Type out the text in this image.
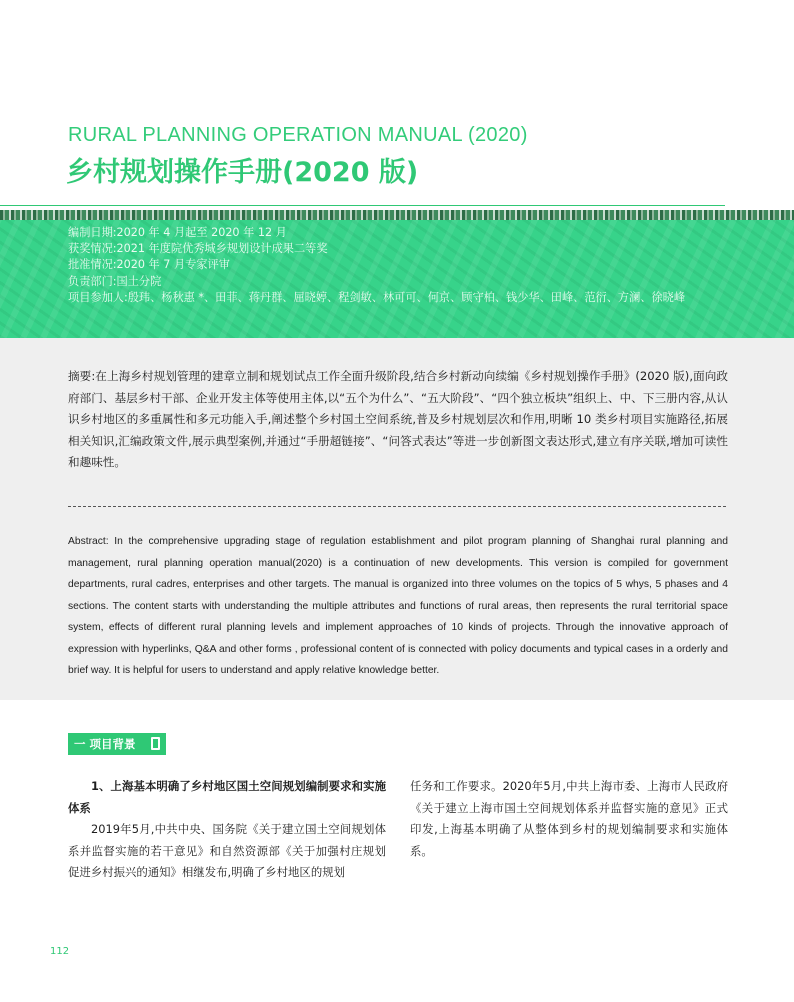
RURAL PLANNING OPERATION MANUAL (2020)
乡村规划操作手册(2020 版)
编制日期:2020 年 4 月起至 2020 年 12 月
获奖情况:2021 年度院优秀城乡规划设计成果二等奖
批准情况:2020 年 7 月专家评审
负责部门:国土分院
项目参加人:殷玮、杨秋惠 *、田菲、蒋丹群、屈晓婷、程剑敏、林可可、何京、顾守柏、钱少华、田峰、范衍、方澜、徐晓峰
摘要:在上海乡村规划管理的建章立制和规划试点工作全面升级阶段,结合乡村新动向续编《乡村规划操作手册》(2020 版),面向政府部门、基层乡村干部、企业开发主体等使用主体,以“五个为什么”、“五大阶段”、“四个独立板块”组织上、中、下三册内容,从认识乡村地区的多重属性和多元功能入手,阐述整个乡村国土空间系统,普及乡村规划层次和作用,明晰 10 类乡村项目实施路径,拓展相关知识,汇编政策文件,展示典型案例,并通过“手册超链接”、“问答式表达”等进一步创新图文表达形式,建立有序关联,增加可读性和趣味性。
Abstract: In the comprehensive upgrading stage of regulation establishment and pilot program planning of Shanghai rural planning and management, rural planning operation manual(2020) is a continuation of new developments. This version is compiled for government departments, rural cadres, enterprises and other targets. The manual is organized into three volumes on the topics of 5 whys, 5 phases and 4 sections. The content starts with understanding the multiple attributes and functions of rural areas, then represents the rural territorial space system, effects of different rural planning levels and implement approaches of 10 kinds of projects. Through the innovative approach of expression with hyperlinks, Q&A and other forms , professional content of is connected with policy documents and typical cases in a orderly and brief way. It is helpful for users to understand and apply relative knowledge better.
一 项目背景
1、上海基本明确了乡村地区国土空间规划编制要求和实施体系
2019年5月,中共中央、国务院《关于建立国土空间规划体系并监督实施的若干意见》和自然资源部《关于加强村庄规划促进乡村振兴的通知》相继发布,明确了乡村地区的规划
任务和工作要求。2020年5月,中共上海市委、上海市人民政府《关于建立上海市国土空间规划体系并监督实施的意见》正式印发,上海基本明确了从整体到乡村的规划编制要求和实施体系。
112
